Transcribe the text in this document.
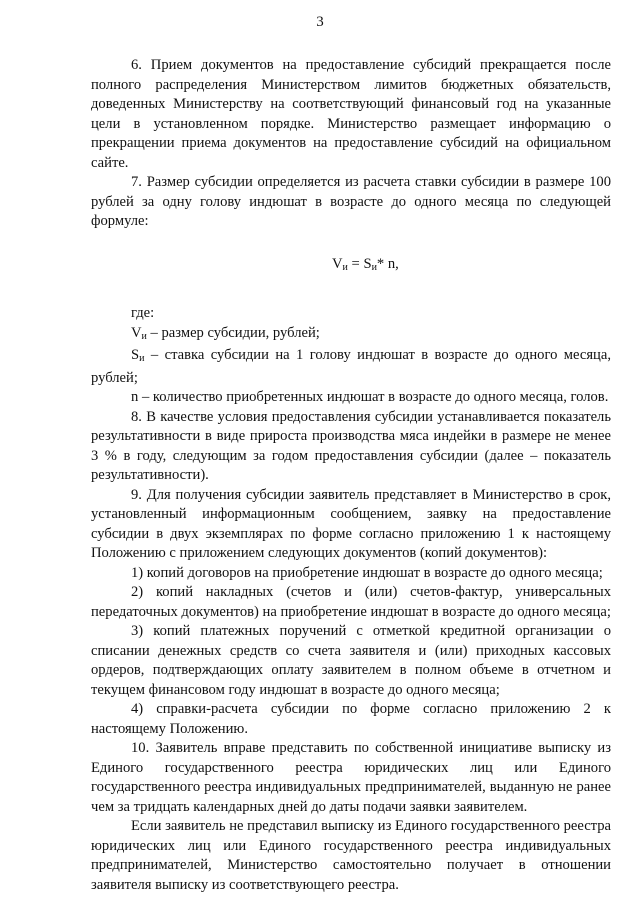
3

6. Прием документов на предоставление субсидий прекращается после полного распределения Министерством лимитов бюджетных обязательств, доведенных Министерству на соответствующий финансовый год на указанные цели в установленном порядке. Министерство размещает информацию о прекращении приема документов на предоставление субсидий на официальном сайте.

7. Размер субсидии определяется из расчета ставки субсидии в размере 100 рублей за одну голову индюшат в возрасте до одного месяца по следующей формуле:

$V_и = S_и*$ n,

где:

$V_и$ – размер субсидии, рублей;

$S_и$ – ставка субсидии на 1 голову индюшат в возрасте до одного месяца, рублей;

n – количество приобретенных индюшат в возрасте до одного месяца, голов.

8. В качестве условия предоставления субсидии устанавливается показатель результативности в виде прироста производства мяса индейки в размере не менее 3 % в году, следующим за годом предоставления субсидии (далее – показатель результативности).

9. Для получения субсидии заявитель представляет в Министерство в срок, установленный информационным сообщением, заявку на предоставление субсидии в двух экземплярах по форме согласно приложению 1 к настоящему Положению с приложением следующих документов (копий документов):

1) копий договоров на приобретение индюшат в возрасте до одного месяца;

2) копий накладных (счетов и (или) счетов-фактур, универсальных передаточных документов) на приобретение индюшат в возрасте до одного месяца;

3) копий платежных поручений с отметкой кредитной организации о списании денежных средств со счета заявителя и (или) приходных кассовых ордеров, подтверждающих оплату заявителем в полном объеме в отчетном и текущем финансовом году индюшат в возрасте до одного месяца;

4) справки-расчета субсидии по форме согласно приложению 2 к настоящему Положению.

10. Заявитель вправе представить по собственной инициативе выписку из Единого государственного реестра юридических лиц или Единого государственного реестра индивидуальных предпринимателей, выданную не ранее чем за тридцать календарных дней до даты подачи заявки заявителем.

Если заявитель не представил выписку из Единого государственного реестра юридических лиц или Единого государственного реестра индивидуальных предпринимателей, Министерство самостоятельно получает в отношении заявителя выписку из соответствующего реестра.
